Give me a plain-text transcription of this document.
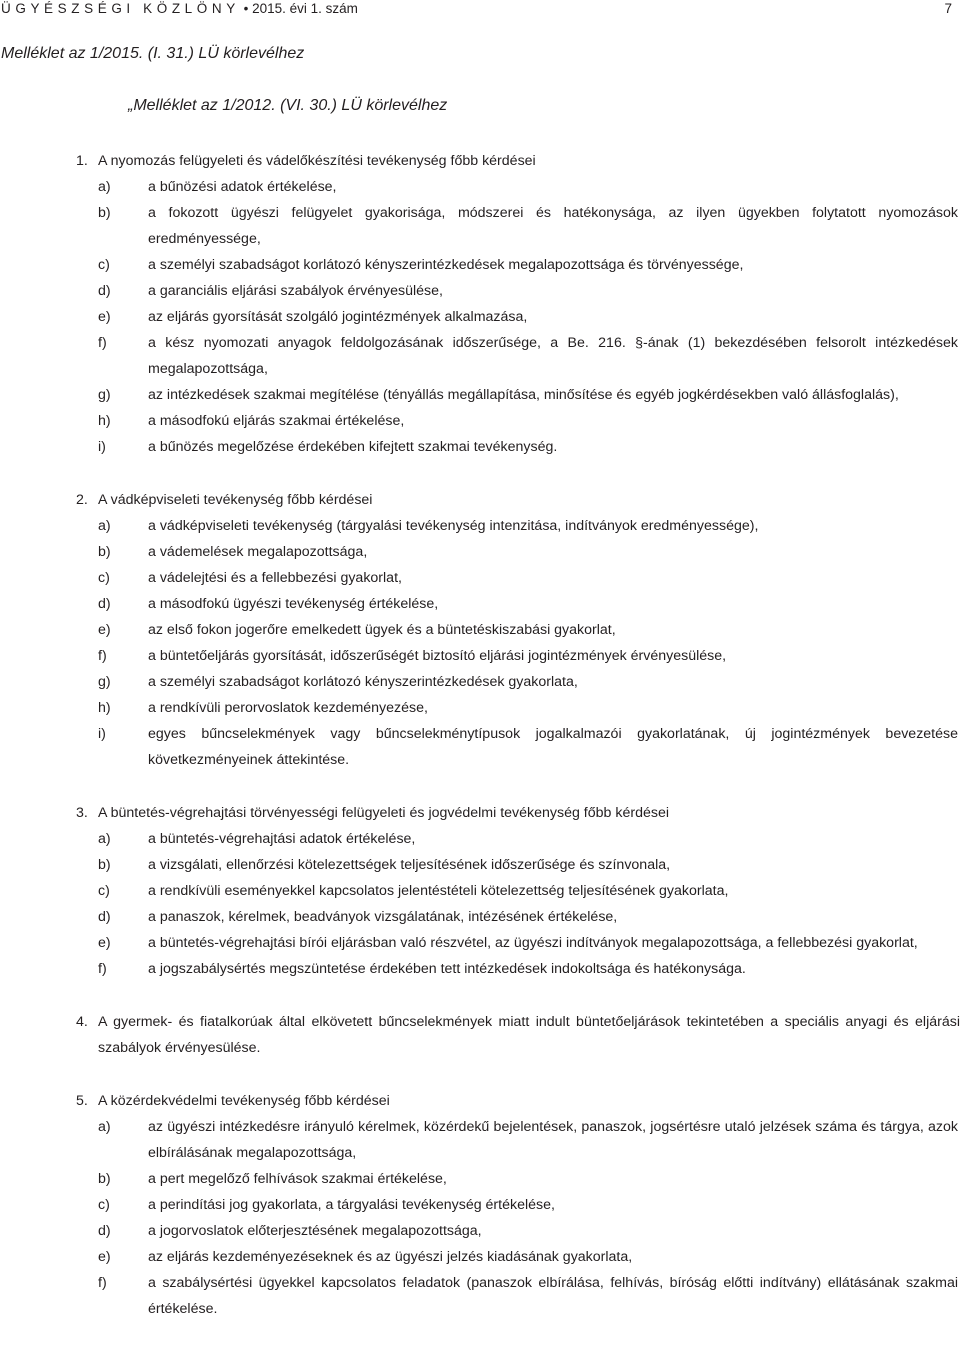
ÜGYÉSZSÉGI KÖZLÖNY • 2015. évi 1. szám	7
Melléklet az 1/2015. (I. 31.) LÜ körlevélhez
„Melléklet az 1/2012. (VI. 30.) LÜ körlevélhez
1. A nyomozás felügyeleti és vádelőkészítési tevékenység főbb kérdései
a)	a bűnözési adatok értékelése,
b)	a fokozott ügyészi felügyelet gyakorisága, módszerei és hatékonysága, az ilyen ügyekben folytatott nyomozások eredményessége,
c)	a személyi szabadságot korlátozó kényszerintézkedések megalapozottsága és törvényessége,
d)	a garanciális eljárási szabályok érvényesülése,
e)	az eljárás gyorsítását szolgáló jogintézmények alkalmazása,
f)	a kész nyomozati anyagok feldolgozásának időszerűsége, a Be. 216. §-ának (1) bekezdésében felsorolt intézkedések megalapozottsága,
g)	az intézkedések szakmai megítélése (tényállás megállapítása, minősítése és egyéb jogkérdésekben való állásfoglalás),
h)	a másodfokú eljárás szakmai értékelése,
i)	a bűnözés megelőzése érdekében kifejtett szakmai tevékenység.
2. A vádképviseleti tevékenység főbb kérdései
a)	a vádképviseleti tevékenység (tárgyalási tevékenység intenzitása, indítványok eredményessége),
b)	a vádemelések megalapozottsága,
c)	a vádelejtési és a fellebbezési gyakorlat,
d)	a másodfokú ügyészi tevékenység értékelése,
e)	az első fokon jogerőre emelkedett ügyek és a büntetéskiszabási gyakorlat,
f)	a büntetőeljárás gyorsítását, időszerűségét biztosító eljárási jogintézmények érvényesülése,
g)	a személyi szabadságot korlátozó kényszerintézkedések gyakorlata,
h)	a rendkívüli perorvoslatok kezdeményezése,
i)	egyes bűncselekmények vagy bűncselekménytípusok jogalkalmazói gyakorlatának, új jogintézmények bevezetése következményeinek áttekintése.
3. A büntetés-végrehajtási törvényességi felügyeleti és jogvédelmi tevékenység főbb kérdései
a)	a büntetés-végrehajtási adatok értékelése,
b)	a vizsgálati, ellenőrzési kötelezettségek teljesítésének időszerűsége és színvonala,
c)	a rendkívüli eseményekkel kapcsolatos jelentéstételi kötelezettség teljesítésének gyakorlata,
d)	a panaszok, kérelmek, beadványok vizsgálatának, intézésének értékelése,
e)	a büntetés-végrehajtási bírói eljárásban való részvétel, az ügyészi indítványok megalapozottsága, a fellebbezési gyakorlat,
f)	a jogszabálysértés megszüntetése érdekében tett intézkedések indokoltsága és hatékonysága.
4. A gyermek- és fiatalkorúak által elkövetett bűncselekmények miatt indult büntetőeljárások tekintetében a speciális anyagi és eljárási szabályok érvényesülése.
5. A közérdekvédelmi tevékenység főbb kérdései
a)	az ügyészi intézkedésre irányuló kérelmek, közérdekű bejelentések, panaszok, jogsértésre utaló jelzések száma és tárgya, azok elbírálásának megalapozottsága,
b)	a pert megelőző felhívások szakmai értékelése,
c)	a perindítási jog gyakorlata, a tárgyalási tevékenység értékelése,
d)	a jogorvoslatok előterjesztésének megalapozottsága,
e)	az eljárás kezdeményezéseknek és az ügyészi jelzés kiadásának gyakorlata,
f)	a szabálysértési ügyekkel kapcsolatos feladatok (panaszok elbírálása, felhívás, bíróság előtti indítvány) ellátásának szakmai értékelése.
